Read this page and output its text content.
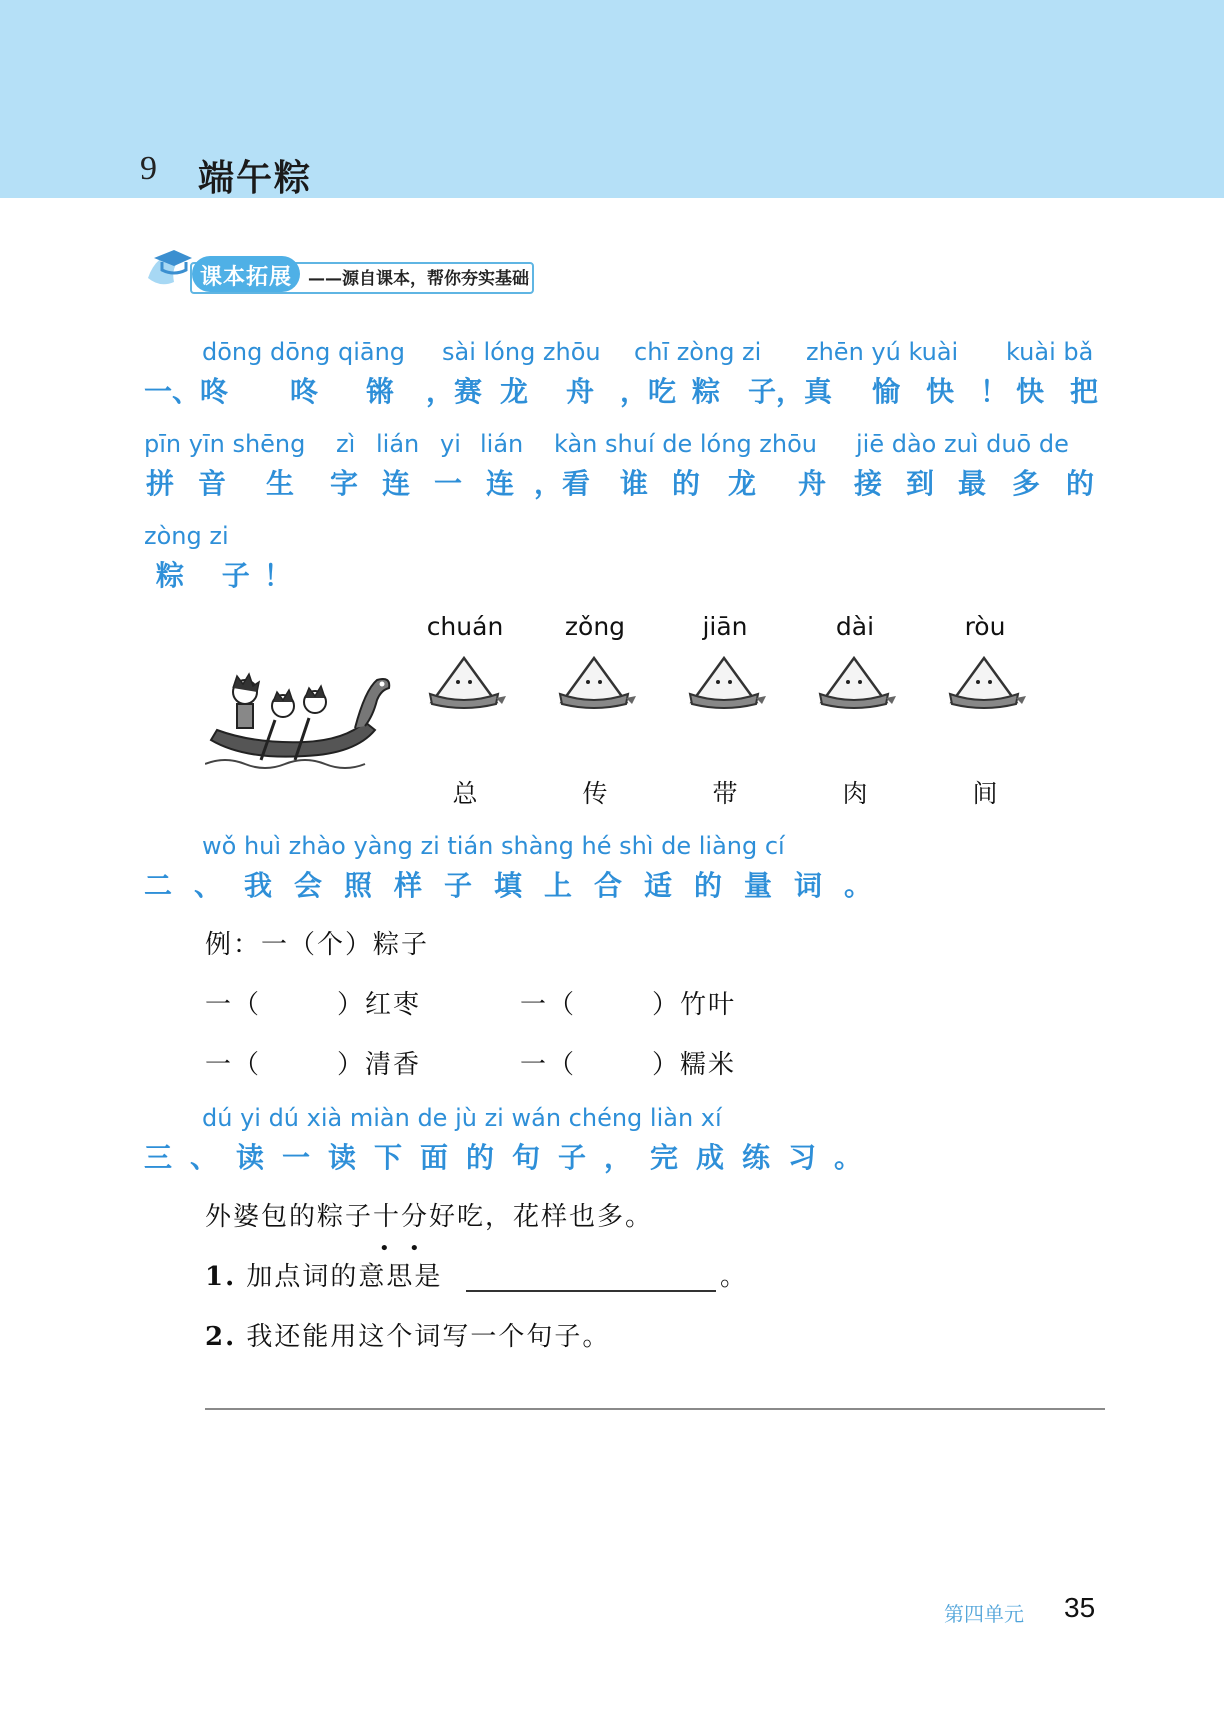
9 端午粽
课本拓展 ——源自课本，帮你夯实基础
dōng dōng qiāng sài lóng zhōu chī zòng zi zhēn yú kuài kuài bǎ
一、咚 咚 锵 ，赛 龙 舟 ，吃 粽 子，真 愉 快 ！ 快 把
pīn yīn shēng zì lián yi lián kàn shuí de lóng zhōu jiē dào zuì duō de
拼 音 生 字 连 一 连 ，看 谁 的 龙 舟 接 到 最 多 的
zòng zi
粽 子！
chuán	zǒng	jiān	dài	ròu
总	传	带	肉	间
wǒ huì zhào yàng zi tián shàng hé shì de liàng cí
二、我会照样子填上合适的量词。
例：一（个）粽子
一（	）红枣	一（	）竹叶
一（	）清香	一（	）糯米
dú yi dú xià miàn de jù zi wán chéng liàn xí
三、读一读下面的句子，完成练习。
外婆包的粽子十分
• •
好吃，花样也多。
1. 加点词的意思是	。
2. 我还能用这个词写一个句子。
第四单元 35
